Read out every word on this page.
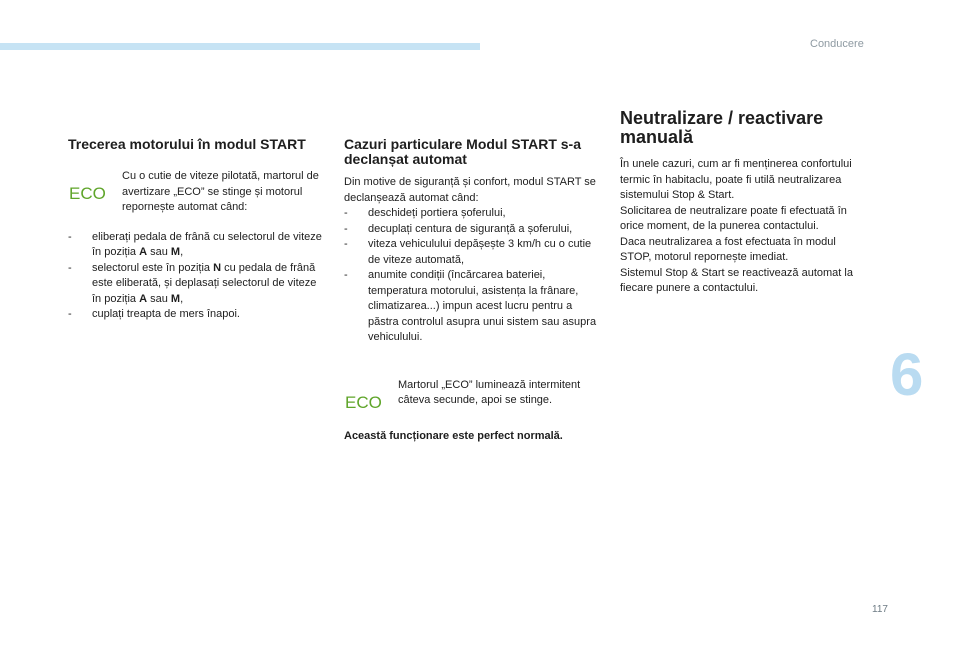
Conducere
Trecerea motorului în modul START
ECO

Cu o cutie de viteze pilotată, martorul de avertizare „ECO” se stinge și motorul repornește automat când:

- eliberați pedala de frână cu selectorul de viteze în poziția A sau M,
- selectorul este în poziția N cu pedala de frână este eliberată, și deplasați selectorul de viteze în poziția A sau M,
- cuplați treapta de mers înapoi.
Cazuri particulare Modul START s-a declanșat automat

Din motive de siguranță și confort, modul START se declanșează automat când:

- deschideți portiera șoferului,
- decuplați centura de siguranță a șoferului,
- viteza vehiculului depășește 3 km/h cu o cutie de viteze automată,
- anumite condiții (încărcarea bateriei, temperatura motorului, asistența la frânare, climatizarea...) impun acest lucru pentru a păstra controlul asupra unui sistem sau asupra vehiculului.
ECO

Martorul „ECO” luminează intermitent câteva secunde, apoi se stinge.

Această funcționare este perfect normală.

Neutralizare / reactivare manuală

În unele cazuri, cum ar fi menținerea confortului termic în habitaclu, poate fi utilă neutralizarea sistemului Stop & Start.

Solicitarea de neutralizare poate fi efectuată în orice moment, de la punerea contactului.

Daca neutralizarea a fost efectuata în modul STOP, motorul repornește imediat.

Sistemul Stop & Start se reactivează automat la fiecare punere a contactului.

6
117
